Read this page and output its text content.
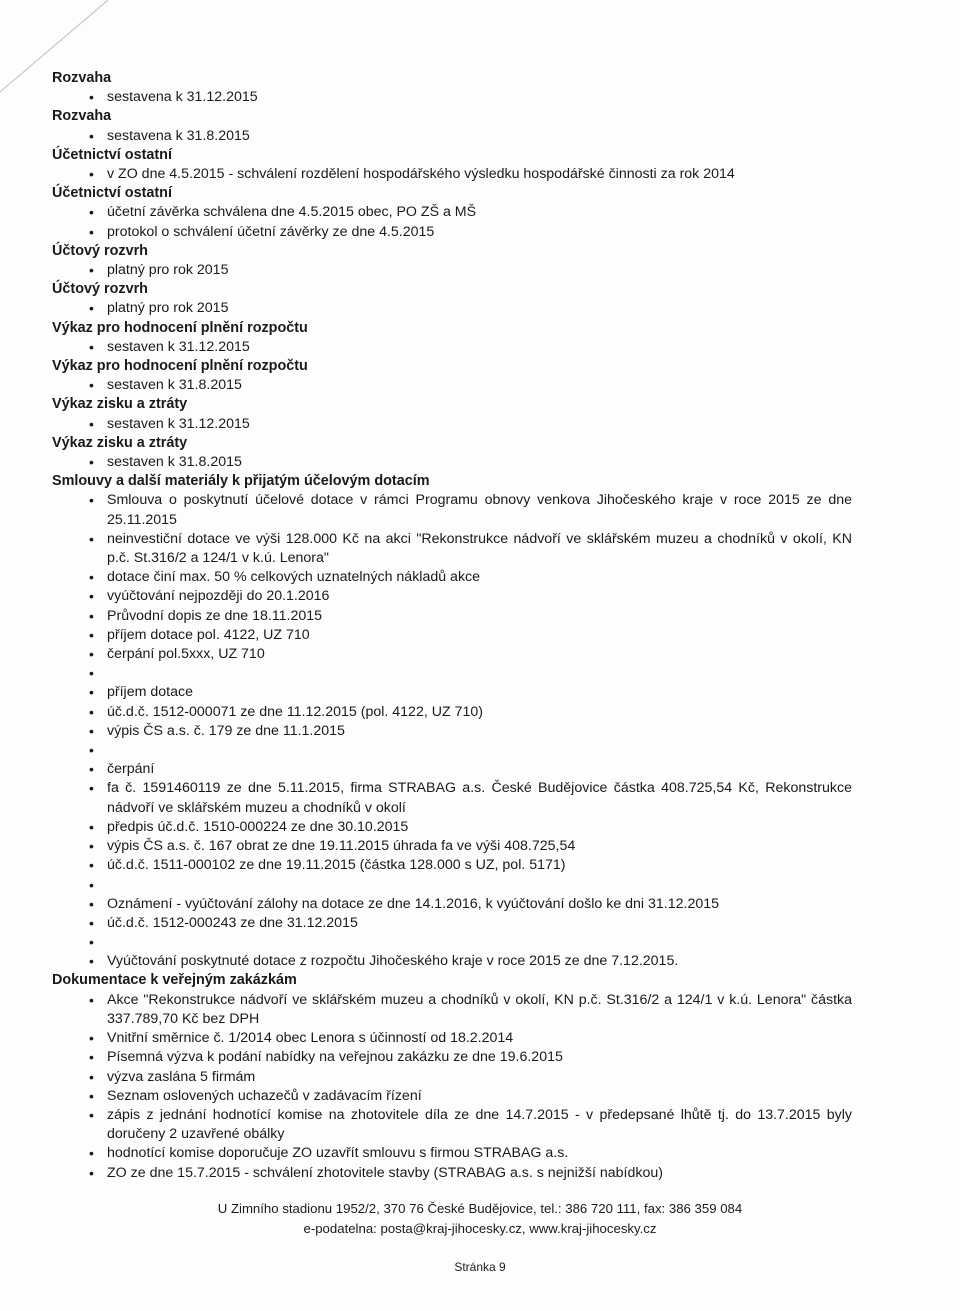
Rozvaha
• sestavena k 31.12.2015
Rozvaha
• sestavena k 31.8.2015
Účetnictví ostatní
• v ZO dne 4.5.2015 - schválení rozdělení hospodářského výsledku hospodářské činnosti za rok 2014
Účetnictví ostatní
• účetní závěrka schválena dne 4.5.2015 obec, PO ZŠ a MŠ
• protokol o schválení účetní závěrky ze dne 4.5.2015
Účtový rozvrh
• platný pro rok 2015
Účtový rozvrh
• platný pro rok 2015
Výkaz pro hodnocení plnění rozpočtu
• sestaven k 31.12.2015
Výkaz pro hodnocení plnění rozpočtu
• sestaven k 31.8.2015
Výkaz zisku a ztráty
• sestaven k 31.12.2015
Výkaz zisku a ztráty
• sestaven k 31.8.2015
Smlouvy a další materiály k přijatým účelovým dotacím
• Smlouva o poskytnutí účelové dotace v rámci Programu obnovy venkova Jihočeského kraje v roce 2015 ze dne 25.11.2015
• neinvestiční dotace ve výši 128.000 Kč na akci "Rekonstrukce nádvoří ve sklářském muzeu a chodníků v okolí, KN p.č. St.316/2 a 124/1 v k.ú. Lenora"
• dotace činí max. 50 % celkových uznatelných nákladů akce
• vyúčtování nejpozději do 20.1.2016
• Průvodní dopis ze dne 18.11.2015
• příjem dotace pol. 4122, UZ 710
• čerpání pol.5xxx, UZ 710
•
• příjem dotace
• úč.d.č. 1512-000071 ze dne 11.12.2015 (pol. 4122, UZ 710)
• výpis ČS a.s. č. 179 ze dne 11.1.2015
•
• čerpání
• fa č. 1591460119 ze dne 5.11.2015, firma STRABAG a.s. České Budějovice částka 408.725,54 Kč, Rekonstrukce nádvoří ve sklářském muzeu a chodníků v okolí
• předpis úč.d.č. 1510-000224 ze dne 30.10.2015
• výpis ČS a.s. č. 167 obrat ze dne 19.11.2015 úhrada fa ve výši 408.725,54
• úč.d.č. 1511-000102 ze dne 19.11.2015 (částka 128.000 s UZ, pol. 5171)
•
• Oznámení - vyúčtování zálohy na dotace ze dne 14.1.2016, k vyúčtování došlo ke dni 31.12.2015
• úč.d.č. 1512-000243 ze dne 31.12.2015
•
• Vyúčtování poskytnuté dotace z rozpočtu Jihočeského kraje v roce 2015 ze dne 7.12.2015.
Dokumentace k veřejným zakázkám
• Akce "Rekonstrukce nádvoří ve sklářském muzeu a chodníků v okolí, KN p.č. St.316/2 a 124/1 v k.ú. Lenora" částka 337.789,70 Kč bez DPH
• Vnitřní směrnice č. 1/2014 obec Lenora s účinností od 18.2.2014
• Písemná výzva k podání nabídky na veřejnou zakázku ze dne 19.6.2015
• výzva zaslána 5 firmám
• Seznam oslovených uchazečů v zadávacím řízení
• zápis z jednání hodnotící komise na zhotovitele díla ze dne 14.7.2015 - v předepsané lhůtě tj. do 13.7.2015 byly doručeny 2 uzavřené obálky
• hodnotící komise doporučuje ZO uzavřít smlouvu s firmou STRABAG a.s.
• ZO ze dne 15.7.2015 - schválení zhotovitele stavby (STRABAG a.s. s nejnižší nabídkou)
U Zimního stadionu 1952/2, 370 76 České Budějovice, tel.: 386 720 111, fax: 386 359 084
e-podatelna: posta@kraj-jihocesky.cz, www.kraj-jihocesky.cz
Stránka 9
